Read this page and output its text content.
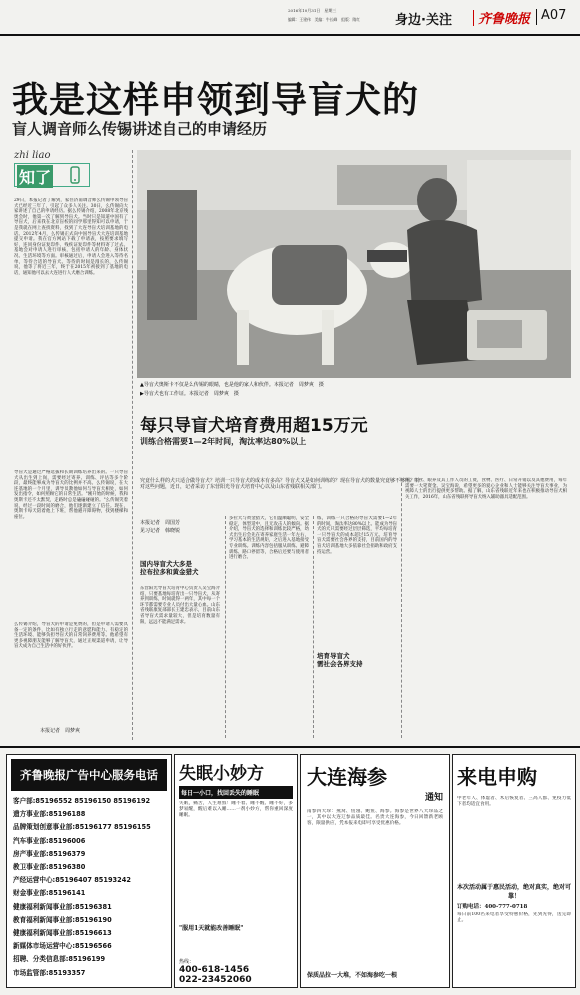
2016年10月31日　星期三
编辑：王建伟　美编：牛长峰　组版：隋红	身边·关注 齐鲁晚报 A07
我是这样申领到导盲犬的
盲人调音师么传锡讲述自己的申请经历
zhi liao
知了
29日，本报记者了解到，家住济南调音师么传锡申领导盲犬已经近三年了，引起了众多人关注。30日，么传锡向大家讲述了自己的申请经历。据么传锡介绍，2008年北京残奥会时，他第一次了解到导盲犬。当时只是知道中国有了导盲犬，后来我在北京盲校的同学那里得知可以申请，于是我就在网上查找资料，找到了大连导盲犬培训基地的电话。2012年4月，么传锡正式向中国导盲犬大连培训基地提交申请。我在官方网站下载了申请表，按照要求填写好，连同身份证复印件、残疾证复印件等材料寄了过去。基地会对申请人进行审核，包括申请人的年龄、身体状况、生活环境等方面。审核通过后，申请人会进入等待名单，等待合适的导盲犬。等待的时间是漫长的，么传锡说，他等了将近三年，终于在2015年初接到了基地的电话，通知他可以去大连进行人犬磨合训练。
导盲犬是通过严格选拔和长期训练培养出来的。一只导盲犬从出生到上岗，需要经过寄养、训练、评估等多个阶段，最终能够成为导盲犬的比例并不高。么传锡说，在大连基地的一个月里，训导员教他如何与导盲犬相处，如何发出指令，如何照顾它的日常生活。"刚开始的时候，我和奥斯卡还不太默契，走路时总是磕磕碰碰的。"么传锡笑着说，经过一段时间的磨合，他们逐渐建立了信任。现在，奥斯卡每天陪着他上下班，帮他避开障碍物，找到楼梯和座位。
么传锡介绍，导盲犬的申请是免费的，但是申请人需要具备一定的条件，比如有独立行走的意愿和能力、有稳定的生活环境、能够负担导盲犬的日常饲养费用等。他希望有更多视障朋友能够了解导盲犬，通过正规渠道申请，让导盲犬成为自己生活中的好伙伴。
本报记者　周梦爽
▲导盲犬奥斯卡不仅是么传锡的眼睛，也是他的家人和伙伴。本报记者　周梦爽　摄
▶导盲犬也有工作证。本报记者　周梦爽　摄
每只导盲犬培育费用超15万元
训练合格需要1—2年时间，淘汰率达80%以上
究竟什么样的犬只适合做导盲犬？培训一只导盲犬的成本有多高？导盲犬又是如何训练的？现在导盲犬的数量究竟够不够用？针对这些问题，近日，记者采访了东营阳光导盲犬培育中心以及山东省残联相关部门。
本报记者　周国芳
见习记者　韩晓锐
国内导盲犬大多是
拉布拉多和黄金猎犬
东营阳光导盲犬培育中心负责人吴宝海介绍，只要基地每培育出一只导盲犬，从寄养到训练，时间就得一两年，其中每一个环节都需要专业人员付出大量心血。山东省残联康复部部长王建忠表示，目前山东省导盲犬需求量较大，但是培育数量有限，远远不能满足需求。
多拉犬与黄金猎犬，它们温顺聪明，安全稳定，体型适中，且无攻击人的倾向。据介绍，导盲犬的选择和训练比较严格，幼犬出生后会先在寄养家庭生活一年左右，学习基本的生活规矩，之后进入基地接受专业训练。训练内容包括服从训练、避障训练、路口停留等，合格后还要与使用者进行磨合。
练，训练一只合格的导盲犬需要1—2年的时间，淘汰率达80%以上。能成为导盲犬的犬只需要经过层层筛选，平均每培育一只导盲犬的成本超过15万元。培育导盲犬需要社会各界的支持，目前国内的导盲犬培训基地大多依靠社会捐助和政府支持运营。
培育导盲犬
需社会各界支持
统，饮食、眼养及其工作人员的工资，食物、医疗、日常开销以及其他费用，每年需要一大笔资金。吴宝海说，希望更多的爱心企业和人士能够关注导盲犬事业，为视障人士的出行提供更多帮助。据了解，山东省残联近年来也在积极推动导盲犬相关工作，2016年，山东省残联将导盲犬纳入辅助器具适配范围。
齐鲁晚报广告中心服务电话
客户部:85196552 85196150 85196192
遗方事业部:85196188
品牌策划创意事业部:85196177 85196155
汽车事业部:85196006
房产事业部:85196379
教卫事业部:85196380
产经运营中心:85196407 85193242
财金事业部:85196141
健康福利新闻事业部:85196381
教育福利新闻事业部:85196190
健康福利新闻事业部:85196613
新媒体市场运营中心:85196566
招聘、分类信息部:85196199
市场监管部:85193357
失眠小妙方
每日一小口，找回丢失的睡眠
失眠，痛苦，人生难熬！睡不着、睡不醒、睡不好，多梦易醒，醒后难以入睡……一剂小妙方，帮你重回深度睡眠。
"服用1天就能改善睡眠"
热线：
400-618-1456
022-23452060
大连海参
通知
南参四大珍：燕窝、鱼翅、鲍鱼、海参。海参是世界八大珍品之一，其中以大连辽参品质最佳。名贵大连海参，今日回馈新老顾客，限量供应，凭本报来电即可享受优惠价格。
保质品拉一大堆，不如海参吃一根
来电申购
中老年人、体虚者、术后恢复者、三高人群、免疫力低下者均适宜食用。
本次活动属于惠民活动，绝对真实，绝对可靠！
订购电话：400-777-0718
每日前100名来电者享受特惠价格，先到先得，送完即止。
